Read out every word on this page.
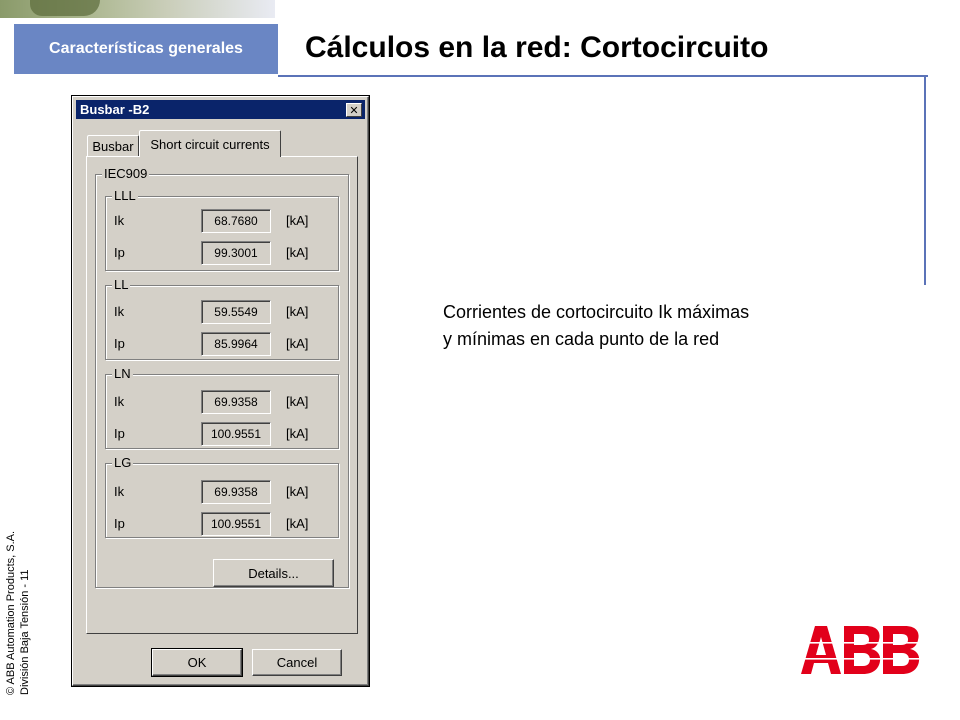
Características generales	Cálculos en la red: Cortocircuito
Corrientes de cortocircuito Ik máximas
y mínimas en cada punto de la red
© ABB Automation Products, S.A. División Baja Tensión - 11
Busbar -B2	✕
Busbar	Short circuit currents
IEC909
LLL
Ik	68.7680	[kA]
Ip	99.3001	[kA]
LL
Ik	59.5549	[kA]
Ip	85.9964	[kA]
LN
Ik	69.9358	[kA]
Ip	100.9551	[kA]
LG
Ik	69.9358	[kA]
Ip	100.9551	[kA]
Details...
OK	Cancel
